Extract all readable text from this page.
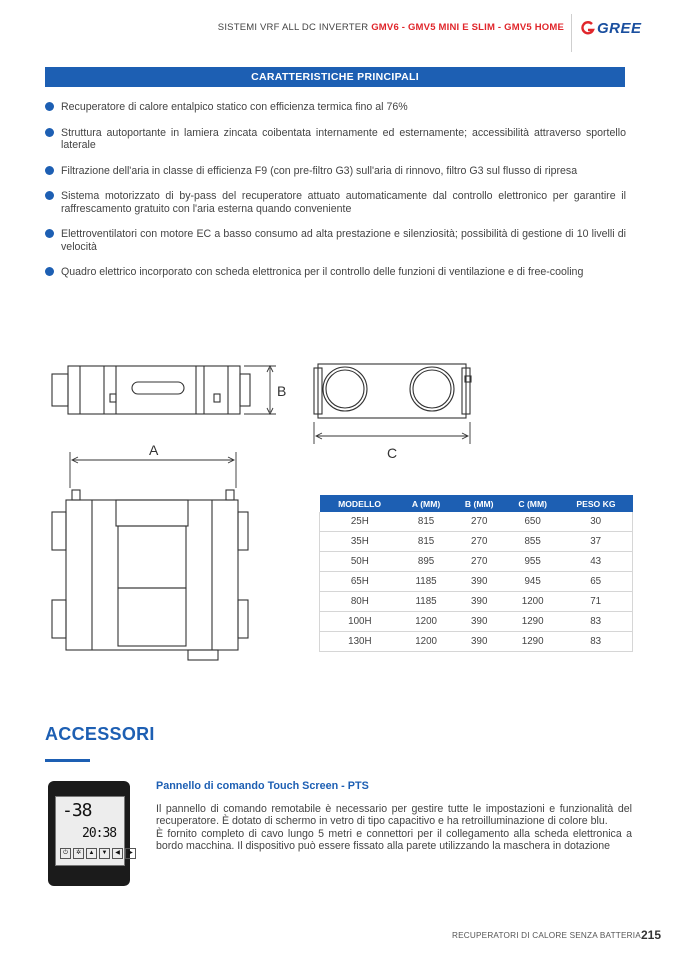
SISTEMI VRF ALL DC INVERTER GMV6 - GMV5 MINI E SLIM - GMV5 HOME GREE
CARATTERISTICHE PRINCIPALI
Recuperatore di calore entalpico statico con efficienza termica fino al 76%
Struttura autoportante in lamiera zincata coibentata internamente ed esternamente; accessibilità attraverso sportello laterale
Filtrazione dell'aria in classe di efficienza F9 (con pre-filtro G3) sull'aria di rinnovo, filtro G3 sul flusso di ripresa
Sistema motorizzato di by-pass del recuperatore attuato automaticamente dal controllo elettronico per garantire il raffrescamento gratuito con l'aria esterna quando conveniente
Elettroventilatori con motore EC a basso consumo ad alta prestazione e silenziosità; possibilità di gestione di 10 livelli di velocità
Quadro elettrico incorporato con scheda elettronica per il controllo delle funzioni di ventilazione e di free-cooling
A
B
C
MODELLO	A (MM)	B (MM)	C (MM)	PESO KG
25H	815	270	650	30
35H	815	270	855	37
50H	895	270	955	43
65H	1185	390	945	65
80H	1185	390	1200	71
100H	1200	390	1290	83
130H	1200	390	1290	83
ACCESSORI
-38
20:38
⏻	✲	▲	▼	◀	▶
Pannello di comando Touch Screen - PTS

Il pannello di comando remotabile è necessario per gestire tutte le impostazioni e funzionalità del recuperatore. È dotato di schermo in vetro di tipo capacitivo e ha retroilluminazione di colore blu.

È fornito completo di cavo lungo 5 metri e connettori per il collegamento alla scheda elettronica a bordo macchina. Il dispositivo può essere fissato alla parete utilizzando la maschera in dotazione

RECUPERATORI DI CALORE SENZA BATTERIA 215
